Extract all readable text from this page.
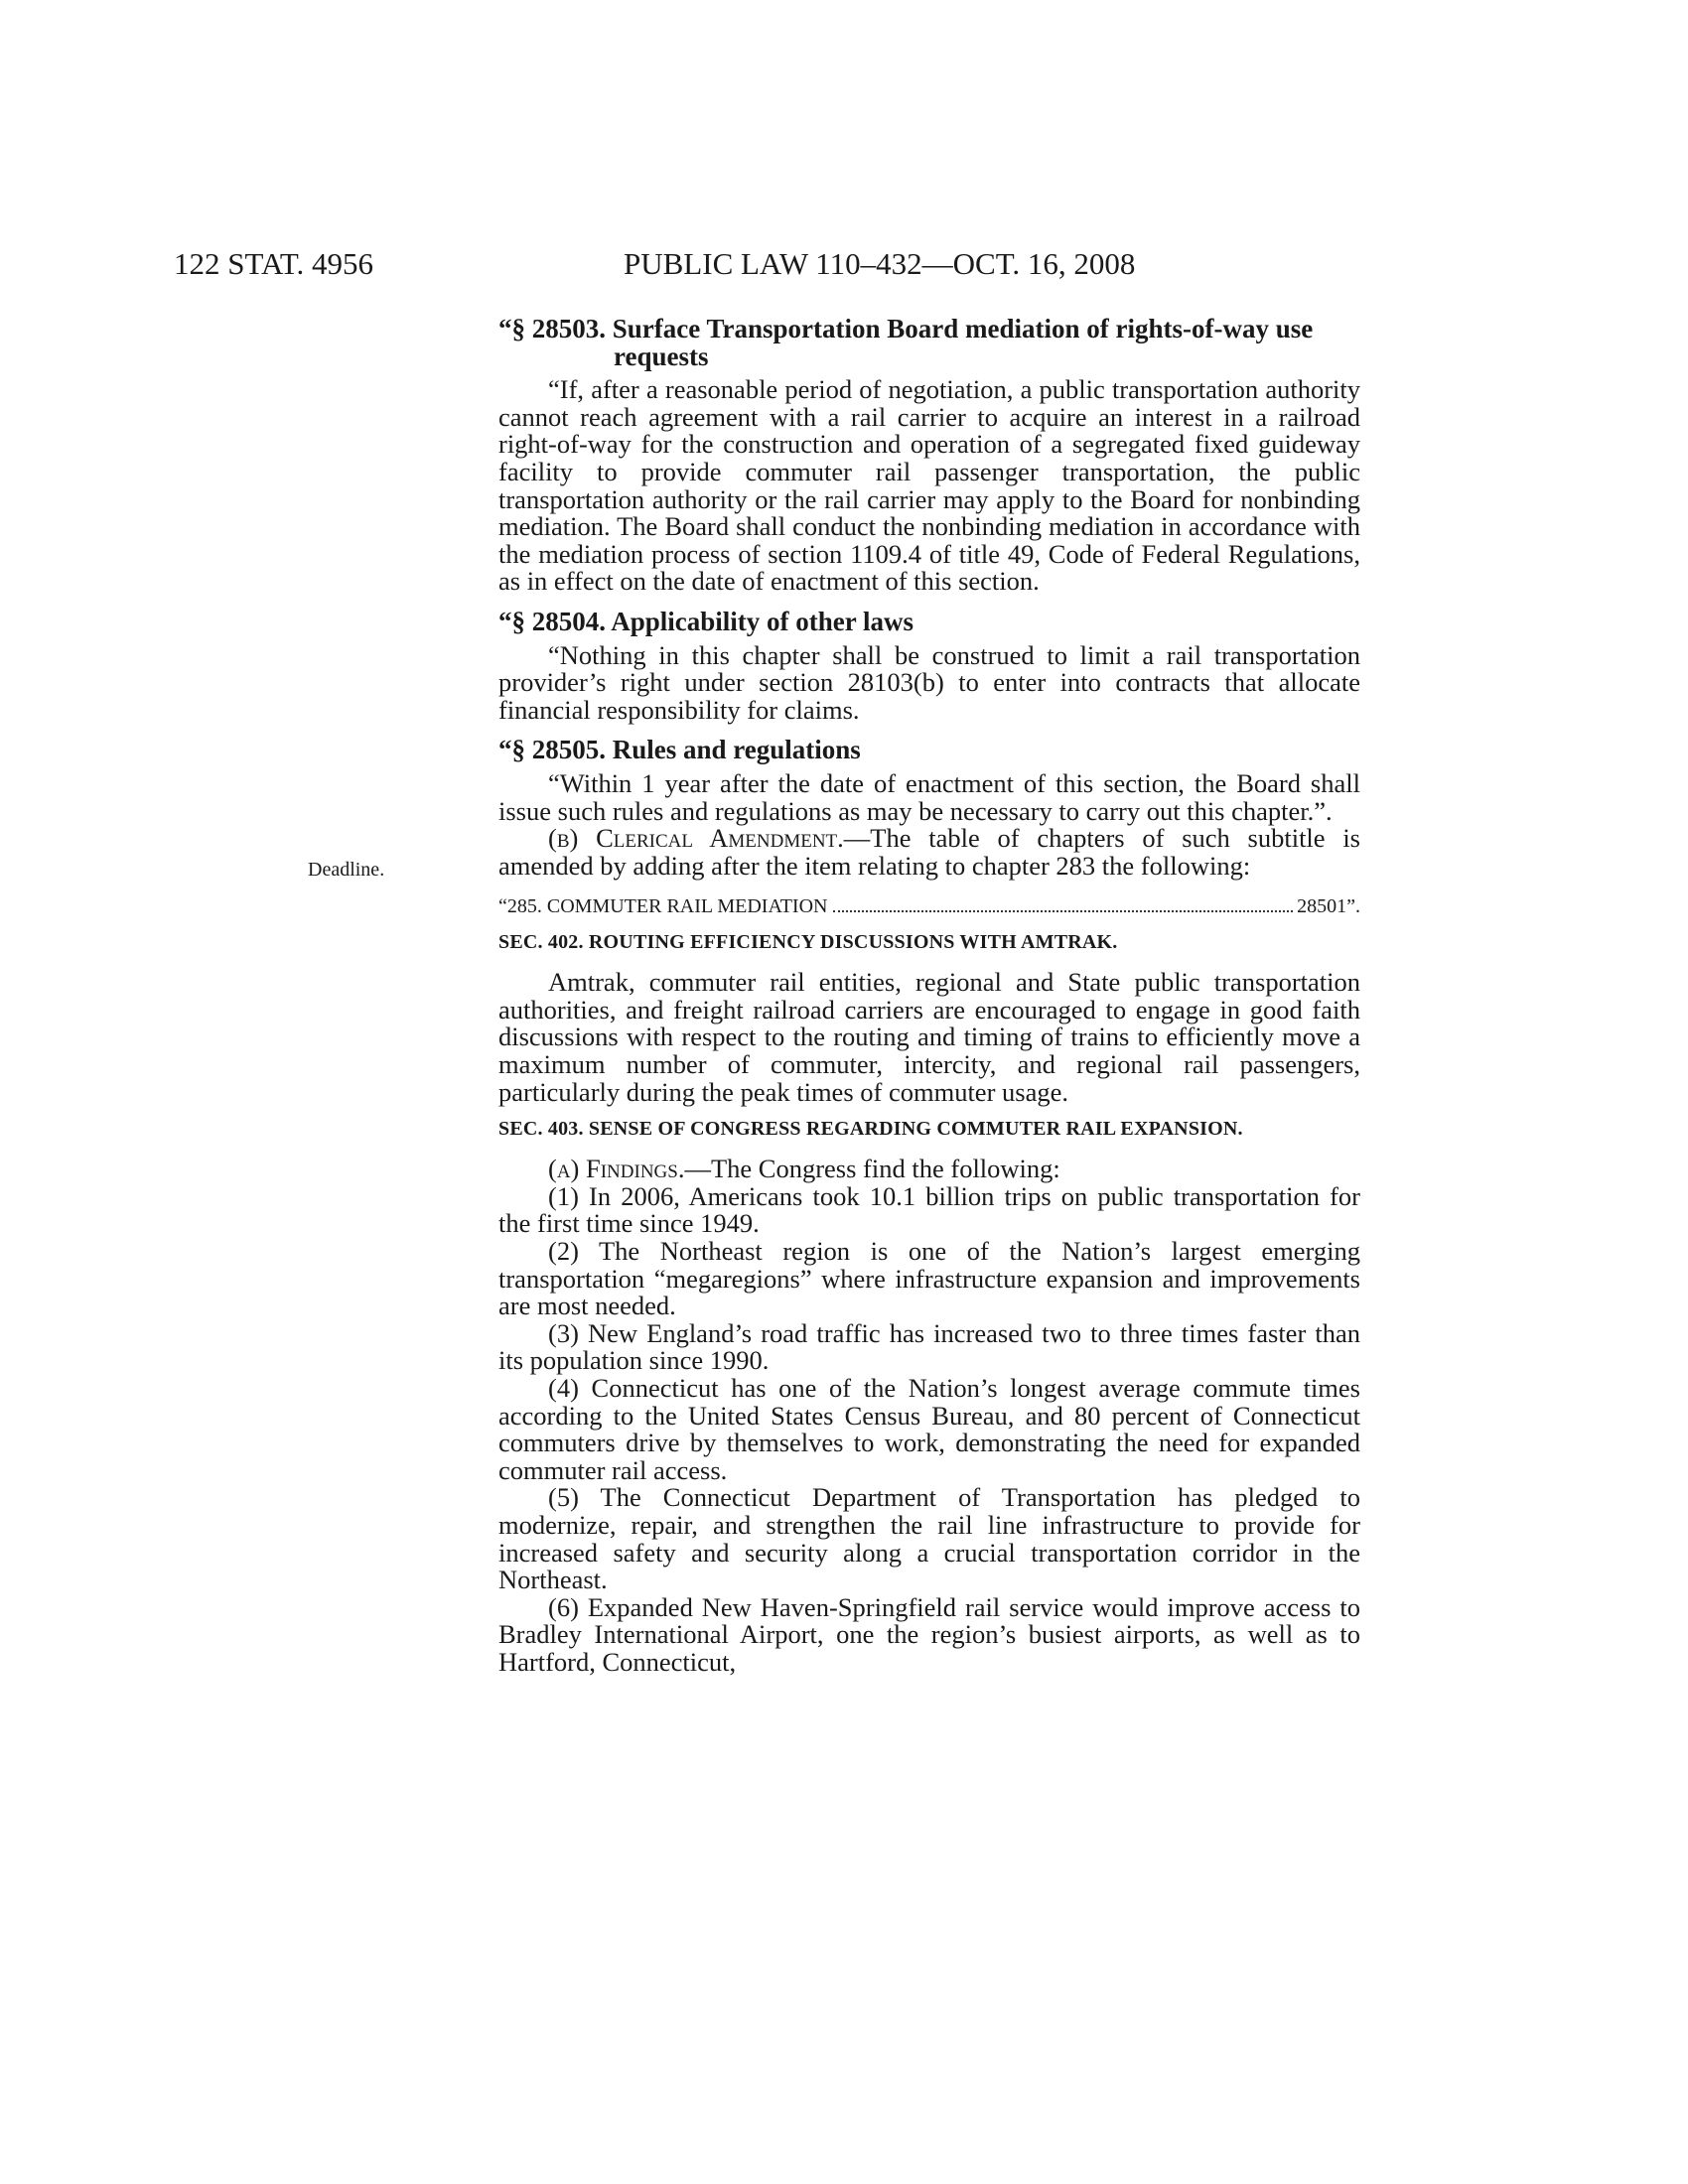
122 STAT. 4956	PUBLIC LAW 110–432—OCT. 16, 2008
Deadline.
“§ 28503. Surface Transportation Board mediation of rights-of-way use requests

“If, after a reasonable period of negotiation, a public transportation authority cannot reach agreement with a rail carrier to acquire an interest in a railroad right-of-way for the construction and operation of a segregated fixed guideway facility to provide commuter rail passenger transportation, the public transportation authority or the rail carrier may apply to the Board for nonbinding mediation. The Board shall conduct the nonbinding mediation in accordance with the mediation process of section 1109.4 of title 49, Code of Federal Regulations, as in effect on the date of enactment of this section.

“§ 28504. Applicability of other laws

“Nothing in this chapter shall be construed to limit a rail transportation provider’s right under section 28103(b) to enter into contracts that allocate financial responsibility for claims.

“§ 28505. Rules and regulations

“Within 1 year after the date of enactment of this section, the Board shall issue such rules and regulations as may be necessary to carry out this chapter.”.

(b) Clerical Amendment.—The table of chapters of such subtitle is amended by adding after the item relating to chapter 283 the following:

“285. COMMUTER RAIL MEDIATION	28501”.
SEC. 402. ROUTING EFFICIENCY DISCUSSIONS WITH AMTRAK.

Amtrak, commuter rail entities, regional and State public transportation authorities, and freight railroad carriers are encouraged to engage in good faith discussions with respect to the routing and timing of trains to efficiently move a maximum number of commuter, intercity, and regional rail passengers, particularly during the peak times of commuter usage.

SEC. 403. SENSE OF CONGRESS REGARDING COMMUTER RAIL EXPANSION.

(a) Findings.—The Congress find the following:

(1) In 2006, Americans took 10.1 billion trips on public transportation for the first time since 1949.

(2) The Northeast region is one of the Nation’s largest emerging transportation “megaregions” where infrastructure expansion and improvements are most needed.

(3) New England’s road traffic has increased two to three times faster than its population since 1990.

(4) Connecticut has one of the Nation’s longest average commute times according to the United States Census Bureau, and 80 percent of Connecticut commuters drive by themselves to work, demonstrating the need for expanded commuter rail access.

(5) The Connecticut Department of Transportation has pledged to modernize, repair, and strengthen the rail line infrastructure to provide for increased safety and security along a crucial transportation corridor in the Northeast.

(6) Expanded New Haven-Springfield rail service would improve access to Bradley International Airport, one the region’s busiest airports, as well as to Hartford, Connecticut,
